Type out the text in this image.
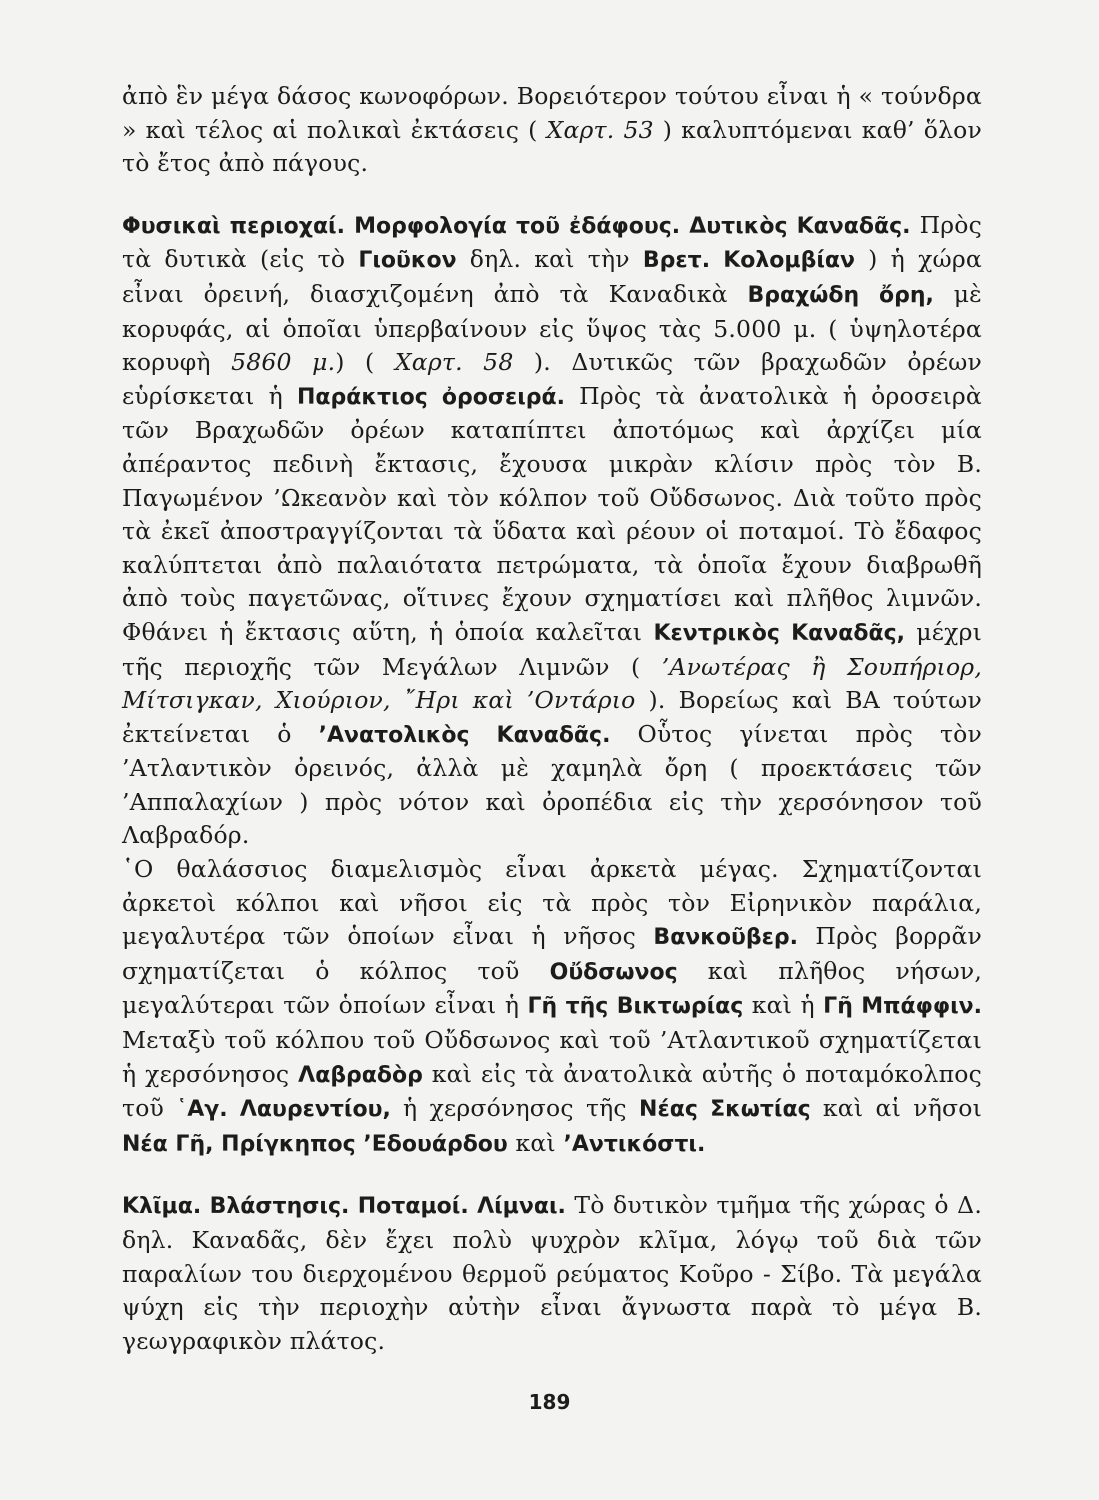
ἀπὸ ἓν μέγα δάσος κωνοφόρων. Βορειότερον τούτου εἶναι ἡ « τούνδρα » καὶ τέλος αἱ πολικαὶ ἐκτάσεις ( Χαρτ. 53 ) καλυπτόμεναι καθ’ ὅλον τὸ ἔτος ἀπὸ πάγους.

Φυσικαὶ περιοχαί. Μορφολογία τοῦ ἐδάφους. Δυτικὸς Καναδᾶς. Πρὸς τὰ δυτικὰ (εἰς τὸ Γιοῦκον δηλ. καὶ τὴν Βρετ. Κολομβίαν ) ἡ χώρα εἶναι ὀρεινή, διασχιζομένη ἀπὸ τὰ Καναδικὰ Βραχώδη ὄρη, μὲ κορυφάς, αἱ ὁποῖαι ὑπερβαίνουν εἰς ὕψος τὰς 5.000 μ. ( ὑψηλοτέρα κορυφὴ 5860 μ.) ( Χαρτ. 58 ). Δυτικῶς τῶν βραχωδῶν ὀρέων εὑρίσκεται ἡ Παράκτιος ὀροσειρά. Πρὸς τὰ ἀνατολικὰ ἡ ὀροσειρὰ τῶν Βραχωδῶν ὀρέων καταπίπτει ἀποτόμως καὶ ἀρχίζει μία ἀπέραντος πεδινὴ ἔκτασις, ἔχουσα μικρὰν κλίσιν πρὸς τὸν Β. Παγωμένον ’Ωκεανὸν καὶ τὸν κόλπον τοῦ Οὔδσωνος. Διὰ τοῦτο πρὸς τὰ ἐκεῖ ἀποστραγγίζονται τὰ ὕδατα καὶ ρέουν οἱ ποταμοί. Τὸ ἔδαφος καλύπτεται ἀπὸ παλαιότατα πετρώματα, τὰ ὁποῖα ἔχουν διαβρωθῆ ἀπὸ τοὺς παγετῶνας, οἵτινες ἔχουν σχηματίσει καὶ πλῆθος λιμνῶν. Φθάνει ἡ ἔκτασις αὕτη, ἡ ὁποία καλεῖται Κεντρικὸς Καναδᾶς, μέχρι τῆς περιοχῆς τῶν Μεγάλων Λιμνῶν ( ’Ανωτέρας ἢ Σουπήριορ, Μίτσιγκαν, Χιούριον, ῎Ηρι καὶ ’Οντάριο ). Βορείως καὶ ΒΑ τούτων ἐκτείνεται ὁ ’Ανατολικὸς Καναδᾶς. Οὗτος γίνεται πρὸς τὸν ’Ατλαντικὸν ὀρεινός, ἀλλὰ μὲ χαμηλὰ ὄρη ( προεκτάσεις τῶν ’Αππαλαχίων ) πρὸς νότον καὶ ὀροπέδια εἰς τὴν χερσόνησον τοῦ Λαβραδόρ.

῾Ο θαλάσσιος διαμελισμὸς εἶναι ἀρκετὰ μέγας. Σχηματίζονται ἀρκετοὶ κόλποι καὶ νῆσοι εἰς τὰ πρὸς τὸν Εἰρηνικὸν παράλια, μεγαλυτέρα τῶν ὁποίων εἶναι ἡ νῆσος Βανκοῦβερ. Πρὸς βορρᾶν σχηματίζεται ὁ κόλπος τοῦ Οὔδσωνος καὶ πλῆθος νήσων, μεγαλύτεραι τῶν ὁποίων εἶναι ἡ Γῆ τῆς Βικτωρίας καὶ ἡ Γῆ Μπάφφιν. Μεταξὺ τοῦ κόλπου τοῦ Οὔδσωνος καὶ τοῦ ’Ατλαντικοῦ σχηματίζεται ἡ χερσόνησος Λαβραδὸρ καὶ εἰς τὰ ἀνατολικὰ αὐτῆς ὁ ποταμόκολπος τοῦ ῾Αγ. Λαυρεντίου, ἡ χερσόνησος τῆς Νέας Σκωτίας καὶ αἱ νῆσοι Νέα Γῆ, Πρίγκηπος ’Εδουάρδου καὶ ’Αντικόστι.

Κλῖμα. Βλάστησις. Ποταμοί. Λίμναι. Τὸ δυτικὸν τμῆμα τῆς χώρας ὁ Δ. δηλ. Καναδᾶς, δὲν ἔχει πολὺ ψυχρὸν κλῖμα, λόγῳ τοῦ διὰ τῶν παραλίων του διερχομένου θερμοῦ ρεύματος Κοῦρο - Σίβο. Τὰ μεγάλα ψύχη εἰς τὴν περιοχὴν αὐτὴν εἶναι ἄγνωστα παρὰ τὸ μέγα Β. γεωγραφικὸν πλάτος.

189
